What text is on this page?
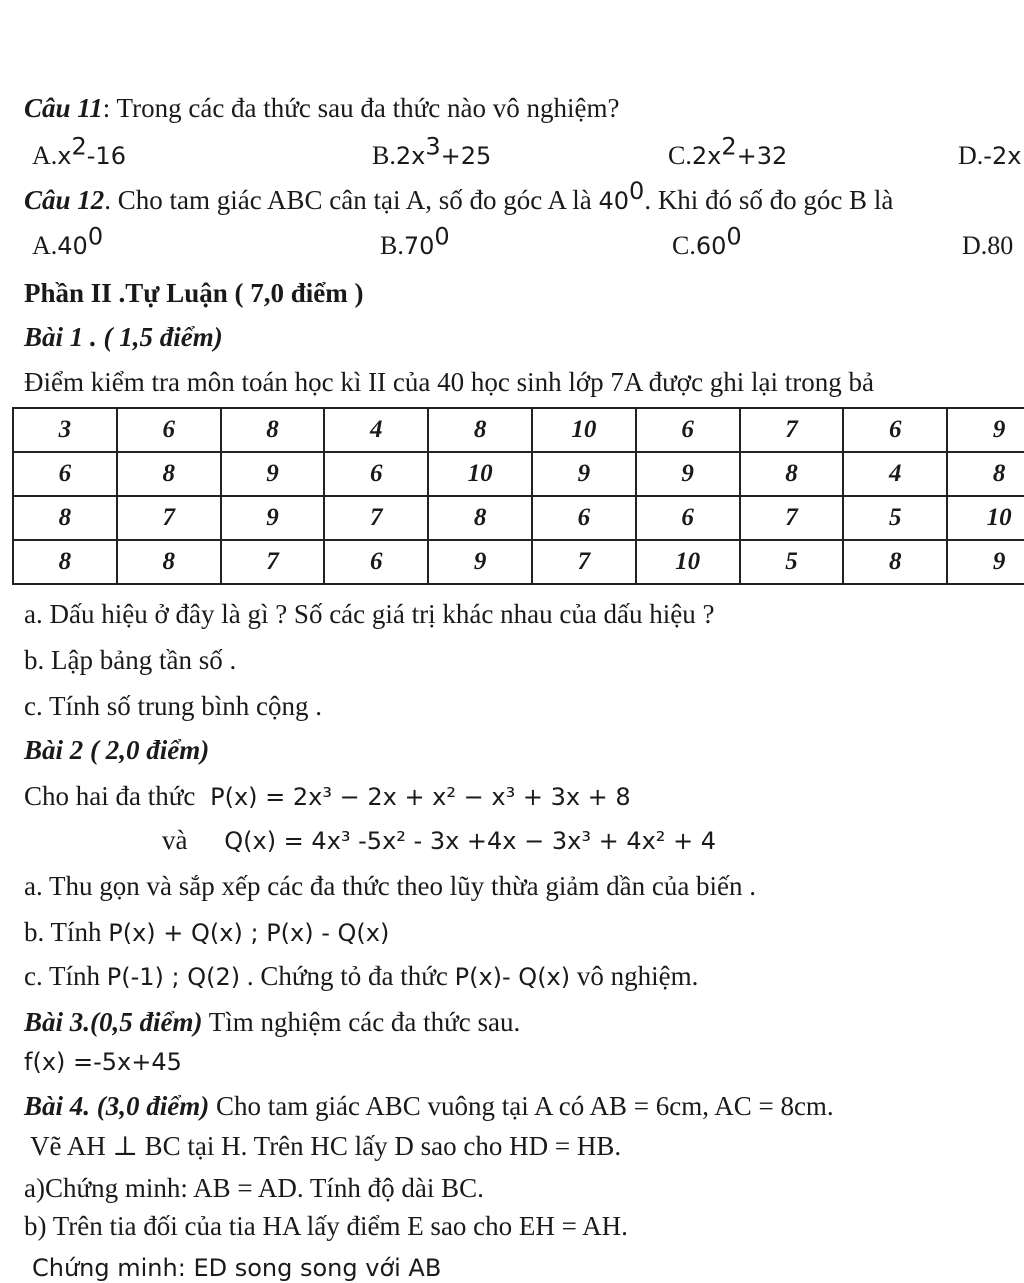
Câu 11: Trong các đa thức sau đa thức nào vô nghiệm?
$A.x^2-16$	$B.2x^3+25$	$C.2x^2+32$	D.-2x
Câu 12. Cho tam giác ABC cân tại A, số đo góc A là $40^0$. Khi đó số đo góc B là
$A.40^0$	$B.70^0$	$C.60^0$	D.80
Phần II .Tự Luận ( 7,0 điểm )
Bài 1 . ( 1,5 điểm)
Điểm kiểm tra môn toán học kì II của 40 học sinh lớp 7A được ghi lại trong bả
3	6	8	4	8	10	6	7	6	9
6	8	9	6	10	9	9	8	4	8
8	7	9	7	8	6	6	7	5	10
8	8	7	6	9	7	10	5	8	9
a. Dấu hiệu ở đây là gì ? Số các giá trị khác nhau của dấu hiệu ?
b. Lập bảng tần số .
c. Tính số trung bình cộng .
Bài 2 ( 2,0 điểm)
Cho hai đa thức P(x) = 2x³ − 2x + x² − x³ + 3x + 8
và Q(x) = 4x³ -5x² - 3x +4x − 3x³ + 4x² + 4
a. Thu gọn và sắp xếp các đa thức theo lũy thừa giảm dần của biến .
b. Tính P(x) + Q(x) ; P(x) - Q(x)
c. Tính P(-1) ; Q(2) . Chứng tỏ đa thức P(x)- Q(x) vô nghiệm.
Bài 3.(0,5 điểm) Tìm nghiệm các đa thức sau.
f(x) =-5x+45
Bài 4. (3,0 điểm) Cho tam giác ABC vuông tại A có AB = 6cm, AC = 8cm.
Vẽ AH ⊥ BC tại H. Trên HC lấy D sao cho HD = HB.
a)Chứng minh: AB = AD. Tính độ dài BC.
b) Trên tia đối của tia HA lấy điểm E sao cho EH = AH.
Chứng minh: ED song song với AB
